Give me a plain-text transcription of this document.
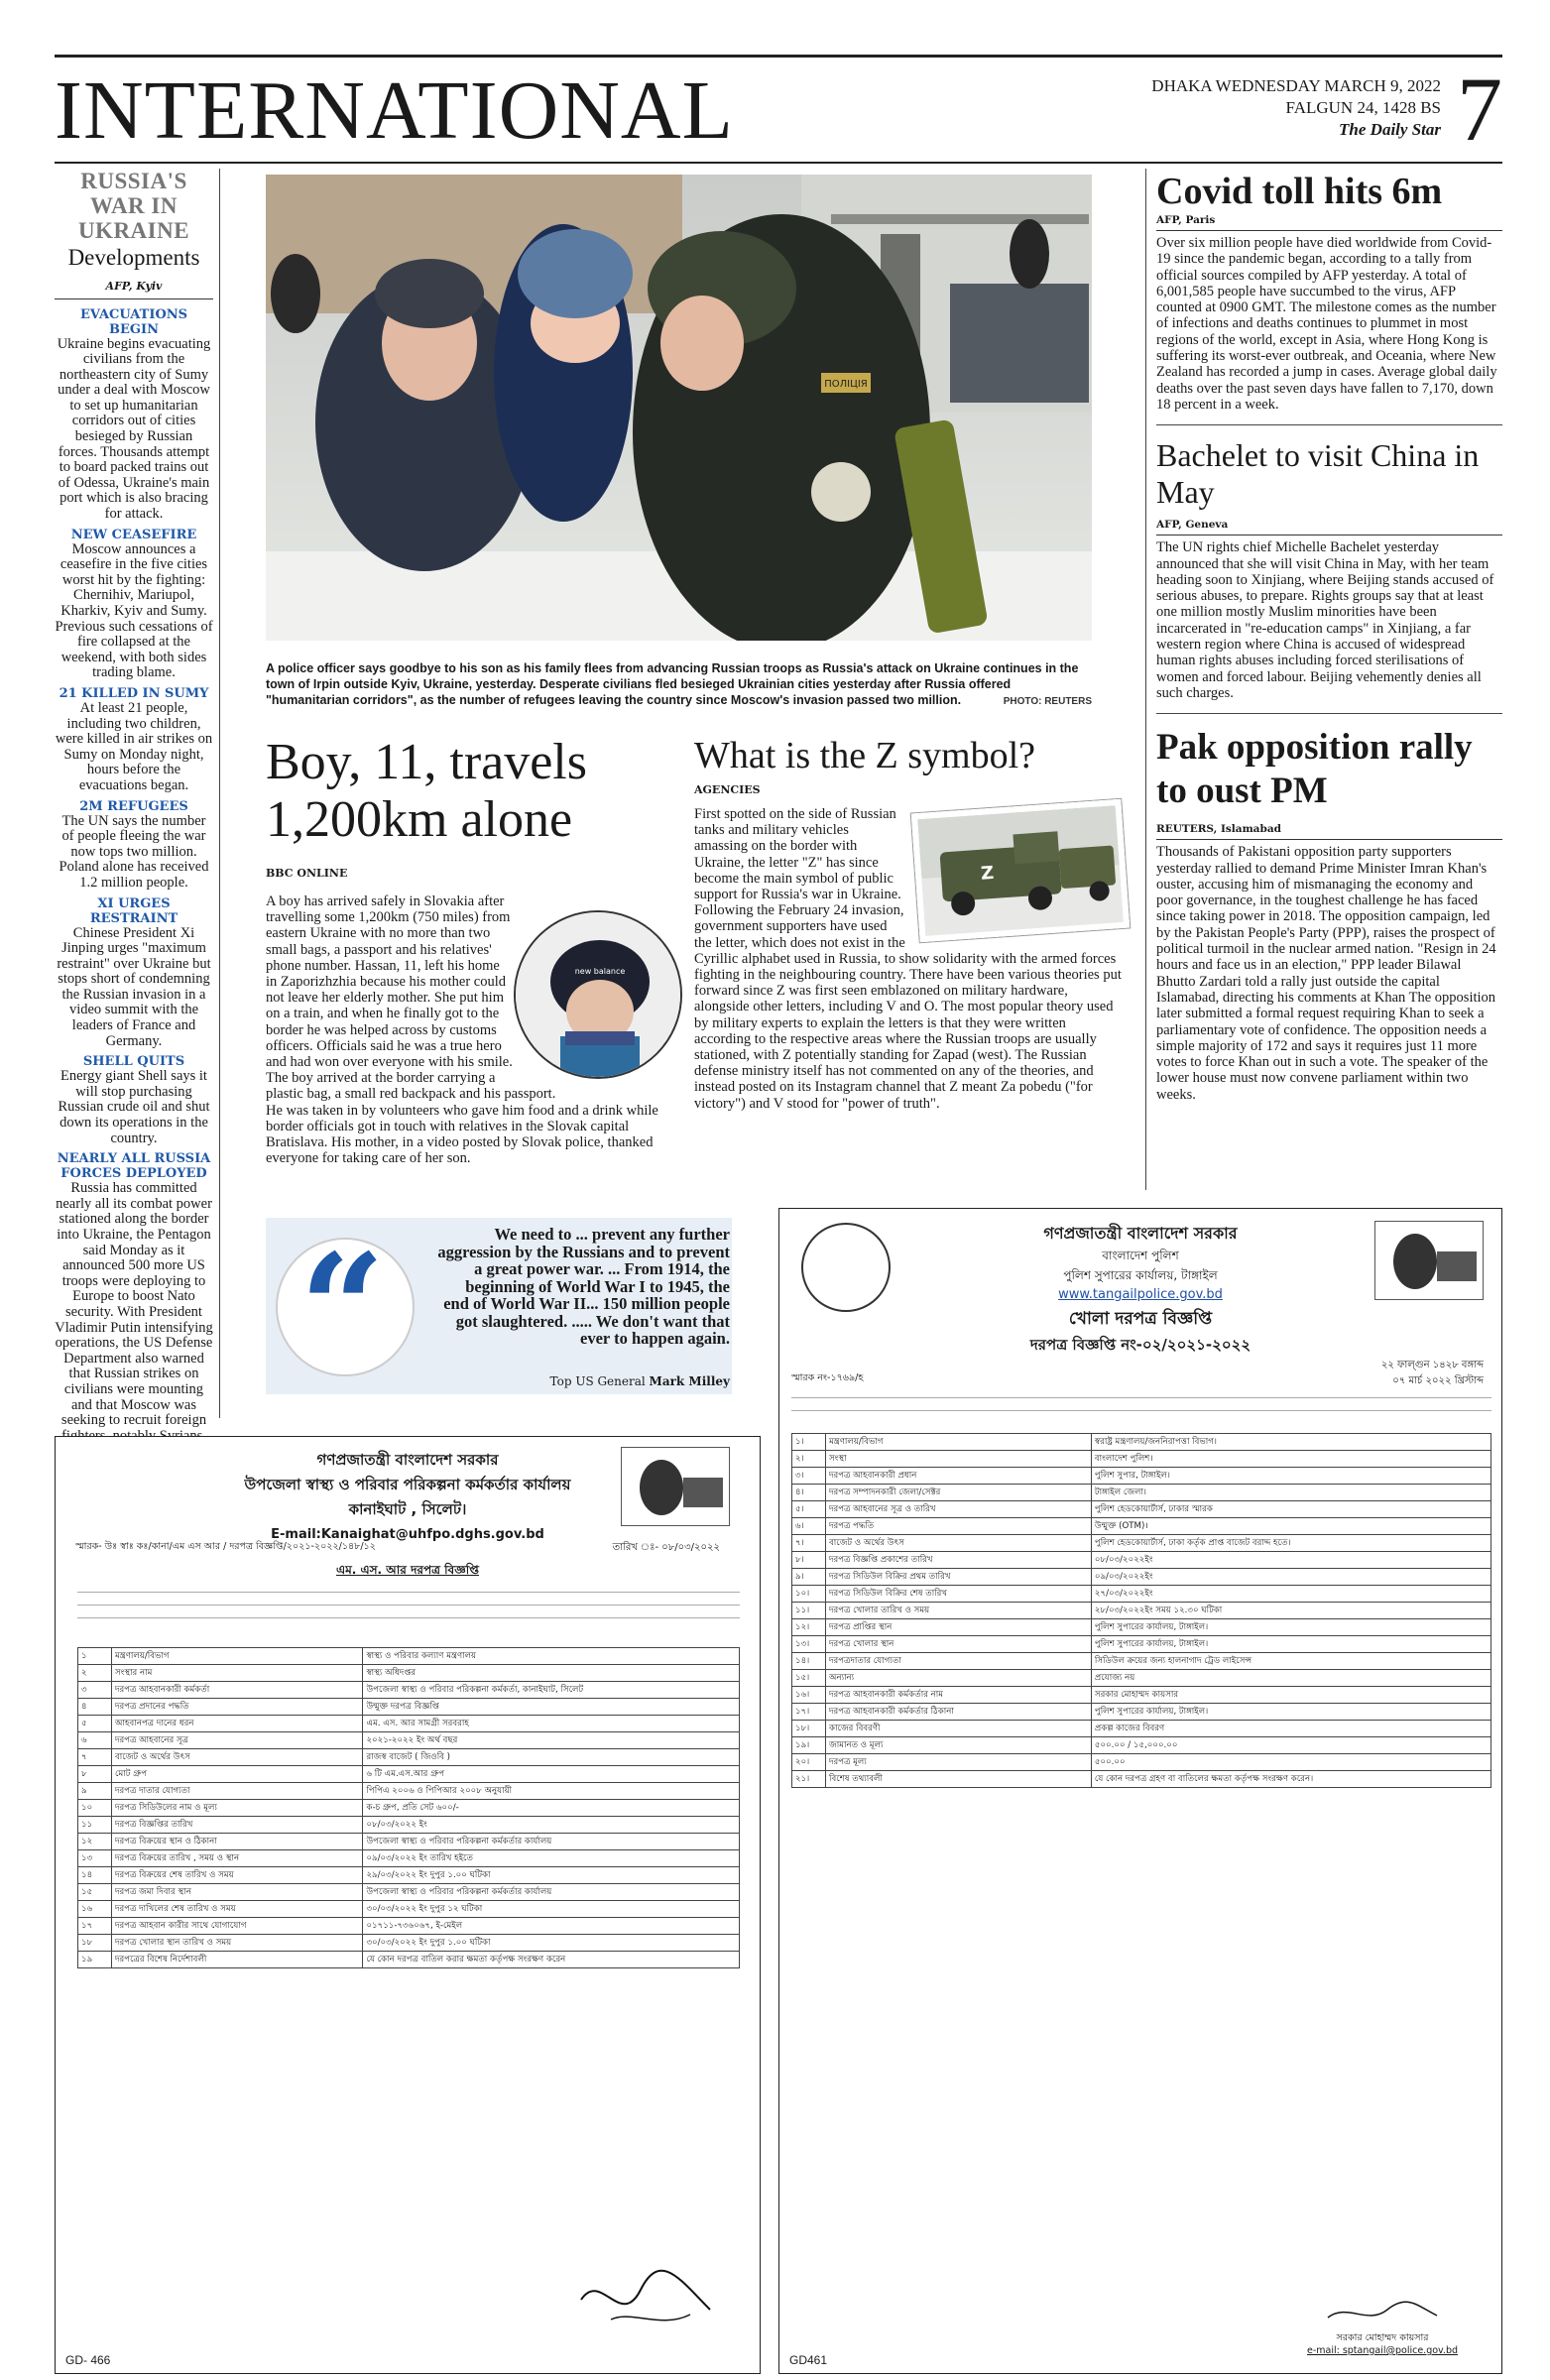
INTERNATIONAL	DHAKA WEDNESDAY MARCH 9, 2022
FALGUN 24, 1428 BS
The Daily Star 7
RUSSIA'S WAR IN UKRAINE
Developments
AFP, Kyiv
EVACUATIONS BEGIN
Ukraine begins evacuating civilians from the northeastern city of Sumy under a deal with Moscow to set up humanitarian corridors out of cities besieged by Russian forces. Thousands attempt to board packed trains out of Odessa, Ukraine's main port which is also bracing for attack.
NEW CEASEFIRE
Moscow announces a ceasefire in the five cities worst hit by the fighting: Chernihiv, Mariupol, Kharkiv, Kyiv and Sumy. Previous such cessations of fire collapsed at the weekend, with both sides trading blame.
21 KILLED IN SUMY
At least 21 people, including two children, were killed in air strikes on Sumy on Monday night, hours before the evacuations began.
2M REFUGEES
The UN says the number of people fleeing the war now tops two million. Poland alone has received 1.2 million people.
XI URGES RESTRAINT
Chinese President Xi Jinping urges "maximum restraint" over Ukraine but stops short of condemning the Russian invasion in a video summit with the leaders of France and Germany.
SHELL QUITS
Energy giant Shell says it will stop purchasing Russian crude oil and shut down its operations in the country.
NEARLY ALL RUSSIA FORCES DEPLOYED
Russia has committed nearly all its combat power stationed along the border into Ukraine, the Pentagon said Monday as it announced 500 more US troops were deploying to Europe to boost Nato security. With President Vladimir Putin intensifying operations, the US Defense Department also warned that Russian strikes on civilians were mounting and that Moscow was seeking to recruit foreign
ПОЛІЦІЯ
A police officer says goodbye to his son as his family flees from advancing Russian troops as Russia's attack on Ukraine continues in the town of Irpin outside Kyiv, Ukraine, yesterday. Desperate civilians fled besieged Ukrainian cities yesterday after Russia offered "humanitarian corridors", as the number of refugees leaving the country since Moscow's invasion passed two million.	PHOTO: REUTERS
Boy, 11, travels 1,200km alone
BBC ONLINE
A boy has arrived safely in Slovakia after travelling some 1,200km (750 miles) from eastern Ukraine with no more than two small bags, a passport and his relatives' phone number. Hassan, 11, left his home in Zaporizhzhia because his mother could not leave her elderly mother. She put him on a train, and when he finally got to the border he was helped across by customs officers. Officials said he was a true hero and had won over everyone with his smile. The boy arrived at the border carrying a plastic bag, a small red backpack and his passport. He was taken in by volunteers who gave him food and a drink while border officials got in touch with relatives in the Slovak capital Bratislava. His mother, in a video posted by Slovak police, thanked everyone for taking care of her son.
new balance
What is the Z symbol?
AGENCIES
Z
First spotted on the side of Russian tanks and military vehicles amassing on the border with Ukraine, the letter "Z" has since become the main symbol of public support for Russia's war in Ukraine. Following the February 24 invasion, government supporters have used the letter, which does not exist in the Cyrillic alphabet used in Russia, to show solidarity with the armed forces fighting in the neighbouring country. There have been various theories put forward since Z was first seen emblazoned on military hardware, alongside other letters, including V and O. The most popular theory used by military experts to explain the letters is that they were written according to the respective areas where the Russian troops are usually stationed, with Z potentially standing for Zapad (west). The Russian defense ministry itself has not commented on any of the theories, and instead posted on its Instagram channel that Z meant Za pobedu ("for victory") and V stood for "power of truth".
“	We need to ... prevent any further aggression by the Russians and to prevent a great power war. ... From 1914, the beginning of World War I to 1945, the end of World War II... 150 million people got slaughtered. ..... We don't want that ever to happen again.
Top US General Mark Milley
Covid toll hits 6m
AFP, Paris
Over six million people have died worldwide from Covid-19 since the pandemic began, according to a tally from official sources compiled by AFP yesterday. A total of 6,001,585 people have succumbed to the virus, AFP counted at 0900 GMT. The milestone comes as the number of infections and deaths continues to plummet in most regions of the world, except in Asia, where Hong Kong is suffering its worst-ever outbreak, and Oceania, where New Zealand has recorded a jump in cases. Average global daily deaths over the past seven days have fallen to 7,170, down 18 percent in a week.
Bachelet to visit China in May
AFP, Geneva
The UN rights chief Michelle Bachelet yesterday announced that she will visit China in May, with her team heading soon to Xinjiang, where Beijing stands accused of serious abuses, to prepare. Rights groups say that at least one million mostly Muslim minorities have been incarcerated in "re-education camps" in Xinjiang, a far western region where China is accused of widespread human rights abuses including forced sterilisations of women and forced labour. Beijing vehemently denies all such charges.
Pak opposition rally to oust PM
REUTERS, Islamabad
Thousands of Pakistani opposition party supporters yesterday rallied to demand Prime Minister Imran Khan's ouster, accusing him of mismanaging the economy and poor governance, in the toughest challenge he has faced since taking power in 2018. The opposition campaign, led by the Pakistan People's Party (PPP), raises the prospect of political turmoil in the nuclear armed nation. "Resign in 24 hours and face us in an election," PPP leader Bilawal Bhutto Zardari told a rally just outside the capital Islamabad, directing his comments at Khan The opposition later submitted a formal request requiring Khan to seek a parliamentary vote of confidence. The opposition needs a simple majority of 172 and says it requires just 11 more votes to force Khan out in such a vote. The speaker of the lower house must now convene parliament within two weeks.
গণপ্রজাতন্ত্রী বাংলাদেশ সরকার
উপজেলা স্বাস্থ্য ও পরিবার পরিকল্পনা কর্মকর্তার কার্যালয়
কানাইঘাট , সিলেট।
E-mail:Kanaighat@uhfpo.dghs.gov.bd
স্মারক- উঃ স্বাঃ কঃ/কানা/এম এস আর / দরপত্র বিজ্ঞপ্তি/২০২১-২০২২/১৪৮/১২	তারিখ ঃ- ০৮/০৩/২০২২
এম. এস. আর দরপত্র বিজ্ঞপ্তি
১	মন্ত্রণালয়/বিভাগ	স্বাস্থ্য ও পরিবার কল্যাণ মন্ত্রণালয়
২	সংস্থার নাম	স্বাস্থ্য অধিদপ্তর
৩	দরপত্র আহবানকারী কর্মকর্তা	উপজেলা স্বাস্থ্য ও পরিবার পরিকল্পনা কর্মকর্তা, কানাইঘাট, সিলেট
৪	দরপত্র প্রদানের পদ্ধতি	উন্মুক্ত দরপত্র বিজ্ঞপ্তি
৫	আহবানপত্র দানের ধরন	এম. এস. আর সামগ্রী সরবরাহ
৬	দরপত্র আহবানের সূত্র	২০২১-২০২২ ইং অর্থ বছর
৭	বাজেট ও অর্থের উৎস	রাজস্ব বাজেট ( জিওবি )
৮	মোট গ্রুপ	৬ টি এম.এস.আর গ্রুপ
৯	দরপত্র দাতার যোগ্যতা	পিপিএ ২০০৬ ও পিপিআর ২০০৮ অনুযায়ী
১০	দরপত্র সিডিউলের নাম ও মূল্য	ক-চ গ্রুপ, প্রতি সেট ৬০০/-
১১	দরপত্র বিজ্ঞপ্তির তারিখ	০৮/০৩/২০২২ ইং
১২	দরপত্র বিক্রয়ের স্থান ও ঠিকানা	উপজেলা স্বাস্থ্য ও পরিবার পরিকল্পনা কর্মকর্তার কার্যালয়
১৩	দরপত্র বিক্রয়ের তারিখ , সময় ও স্থান	০৯/০৩/২০২২ ইং তারিখ হইতে
১৪	দরপত্র বিক্রয়ের শেষ তারিখ ও সময়	২৯/০৩/২০২২ ইং দুপুর ১.০০ ঘটিকা
১৫	দরপত্র জমা দিবার স্থান	উপজেলা স্বাস্থ্য ও পরিবার পরিকল্পনা কর্মকর্তার কার্যালয়
১৬	দরপত্র দাখিলের শেষ তারিখ ও সময়	৩০/০৩/২০২২ ইং দুপুর ১২ ঘটিকা
১৭	দরপত্র আহবান কারীর সাথে যোগাযোগ	০১৭১১-৭৩৬০৬৭, ই-মেইল
১৮	দরপত্র খোলার স্থান তারিখ ও সময়	৩০/০৩/২০২২ ইং দুপুর ১.০০ ঘটিকা
১৯	দরপত্রের বিশেষ নির্দেশাবলী	যে কোন দরপত্র বাতিল করার ক্ষমতা কর্তৃপক্ষ সংরক্ষণ করেন
GD- 466
গণপ্রজাতন্ত্রী বাংলাদেশ সরকার
বাংলাদেশ পুলিশ
পুলিশ সুপারের কার্যালয়, টাঙ্গাইল
www.tangailpolice.gov.bd
খোলা দরপত্র বিজ্ঞপ্তি
দরপত্র বিজ্ঞপ্তি নং-০২/২০২১-২০২২
স্মারক নং-১৭৬৯/হ
২২ ফাল্গুন ১৪২৮ বঙ্গাব্দ
০৭ মার্চ ২০২২ খ্রিস্টাব্দ
১।	মন্ত্রণালয়/বিভাগ	স্বরাষ্ট্র মন্ত্রণালয়/জননিরাপত্তা বিভাগ।
২।	সংস্থা	বাংলাদেশ পুলিশ।
৩।	দরপত্র আহবানকারী প্রধান	পুলিশ সুপার, টাঙ্গাইল।
৪।	দরপত্র সম্পাদনকারী জেলা/সেক্টর	টাঙ্গাইল জেলা।
৫।	দরপত্র আহবানের সূত্র ও তারিখ	পুলিশ হেডকোয়ার্টার্স, ঢাকার স্মারক
৬।	দরপত্র পদ্ধতি	উন্মুক্ত (OTM)।
৭।	বাজেট ও অর্থের উৎস	পুলিশ হেডকোয়ার্টার্স, ঢাকা কর্তৃক প্রাপ্ত বাজেট বরাদ্দ হতে।
৮।	দরপত্র বিজ্ঞপ্তি প্রকাশের তারিখ	০৮/০৩/২০২২ইং
৯।	দরপত্র সিডিউল বিক্রির প্রথম তারিখ	০৯/০৩/২০২২ইং
১০।	দরপত্র সিডিউল বিক্রির শেষ তারিখ	২৭/০৩/২০২২ইং
১১।	দরপত্র খোলার তারিখ ও সময়	২৮/০৩/২০২২ইং সময় ১২.৩০ ঘটিকা
১২।	দরপত্র প্রাপ্তির স্থান	পুলিশ সুপারের কার্যালয়, টাঙ্গাইল।
১৩।	দরপত্র খোলার স্থান	পুলিশ সুপারের কার্যালয়, টাঙ্গাইল।
১৪।	দরপত্রদাতার যোগ্যতা	সিডিউল ক্রয়ের জন্য হালনাগাদ ট্রেড লাইসেন্স
১৫।	অন্যান্য	প্রযোজ্য নয়
১৬।	দরপত্র আহবানকারী কর্মকর্তার নাম	সরকার মোহাম্মদ কায়সার
১৭।	দরপত্র আহবানকারী কর্মকর্তার ঠিকানা	পুলিশ সুপারের কার্যালয়, টাঙ্গাইল।
১৮।	কাজের বিবরণী	প্রকল্প কাজের বিবরণ
১৯।	জামানত ও মূল্য	৫০০.০০ / ১৫,০০০.০০
২০।	দরপত্র মূল্য	৫০০.০০
২১।	বিশেষ তথ্যাবলী	যে কোন দরপত্র গ্রহণ বা বাতিলের ক্ষমতা কর্তৃপক্ষ সংরক্ষণ করেন।
সরকার মোহাম্মদ কায়সার
e-mail: sptangail@police.gov.bd
GD461
